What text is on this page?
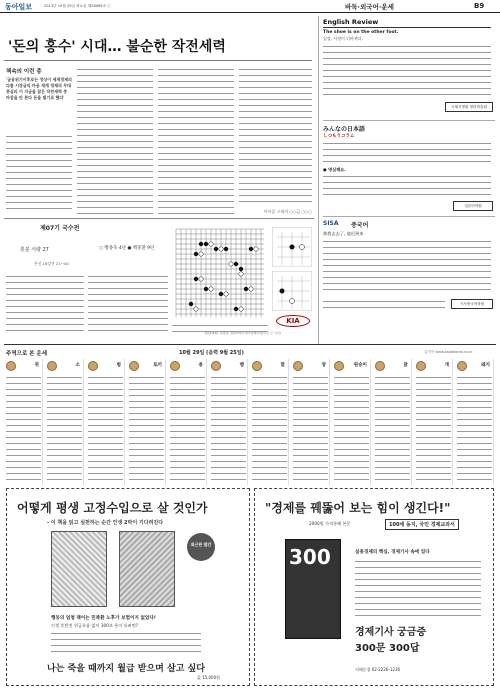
동아일보	2013년 10월 29일 화요일 제28065호 ⓒ	바둑·외국어·운세	B9
'돈의 홍수' 시대… 불순한 작전세력
책속의 이런 총
'금융위기이후로는 정상이 세계경제의 다툼 시장금리 마음 세계 경제의 무대 중심의 이 지금을 잡은 작전세력 중 마감을 안 본다 돈을 벌기로 했다'
마이클 구제의 ○○금 ○○○
제07기 국수전
○ 빵종욱 4단 ● 백중환 9단
흥분 식량 27
본선 16강전 21∼40
KIA
전판2(18), 최정일, 일반1까지 대국관계자들(아오 모 사진)
English Review
The shoe is on the other foot.
입장, 사정이 뒤바뀌다.
국제서명원 영어학습원
みんなの日本語
しつもうコラム
● 명심해요.
일본어학원
SISA 중국어
那我去去了, 他迟到来.
시사중국어학원
주역으로 본 운세	10월 29일 (음력 9월 25일)	김지석 www.kaodkorea.co.kr
쥐	소	범	토끼	용	뱀	말	양	원숭이	닭	개	돼지
어떻게 평생 고정수입으로 살 것인가
- 이 책을 읽고 실천하는 순간 인생 2막이 기다려진다
최근판 발간
행동의 엄청 책이는 민족환 노후가 보험이지 없었다!
인생 후반전 현금흐름 없이 300조 용이 되려면?
나는 죽을 때까지 월급 받으며 살고 싶다
값 15,000원
"경제를 꿰뚫어 보는 힘이 생긴다!"
2000원 가격통해 본문	100세 동지, 국민 경제교과서
300	실용경제의 핵심, 경제기사 속에 있다
경제기사 궁금증
300문 300답
서해문집 02-2226-1236
